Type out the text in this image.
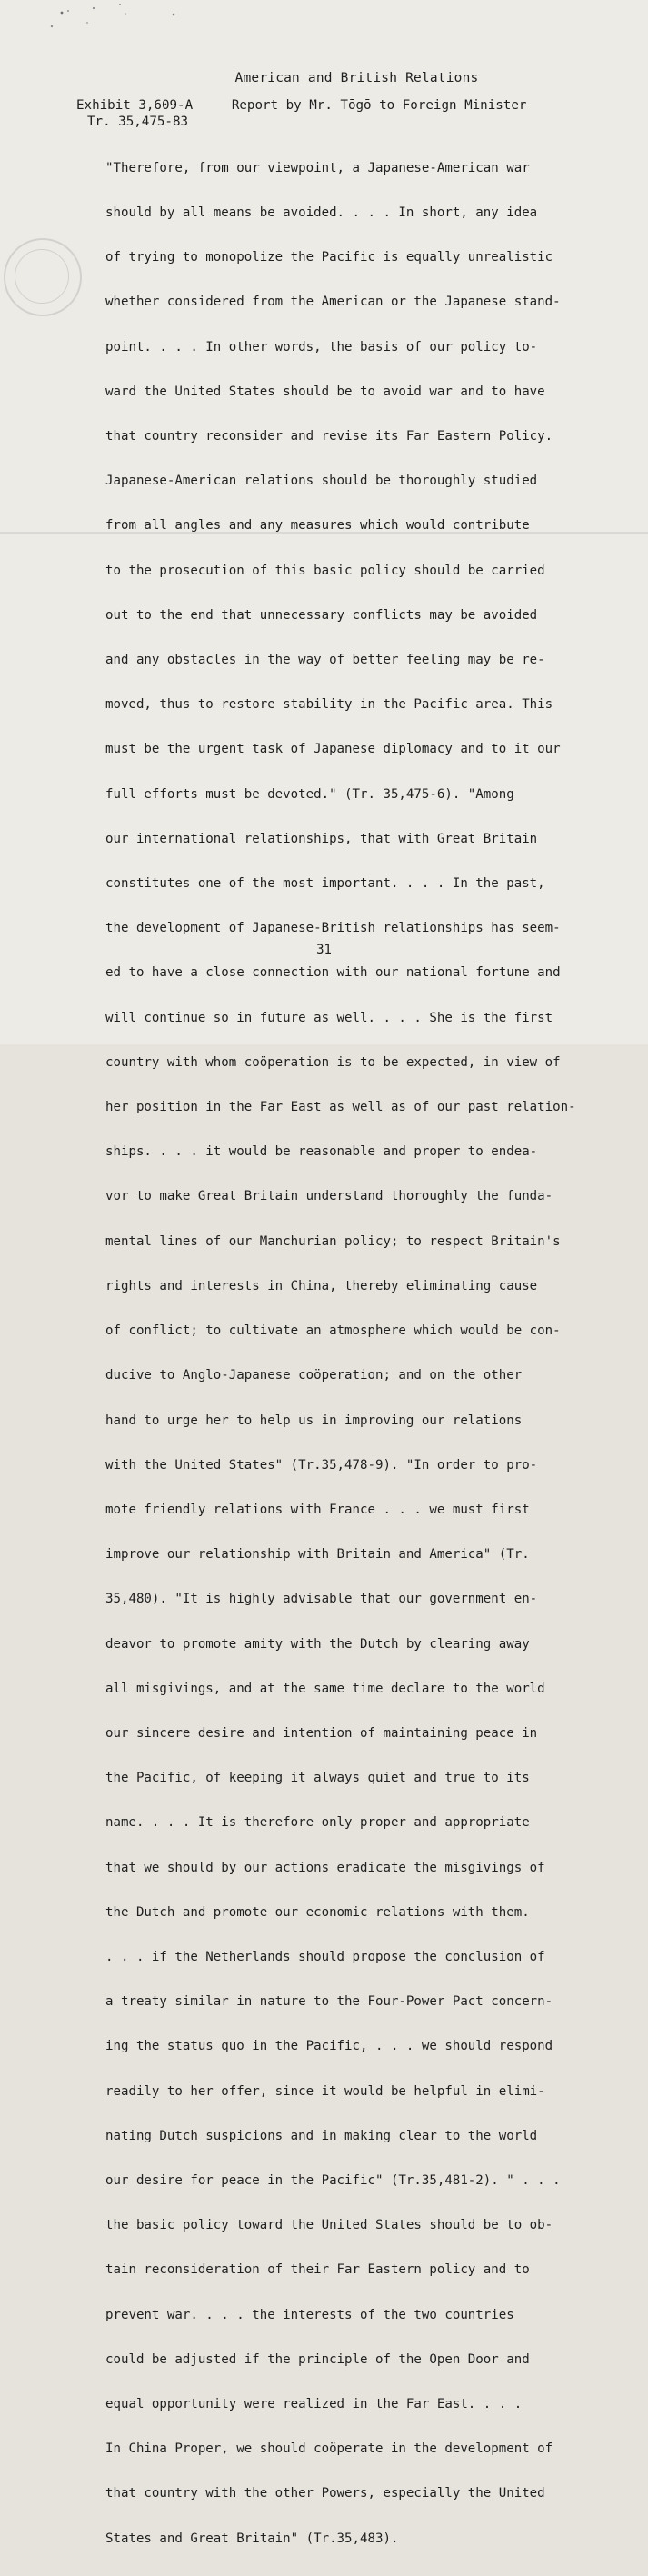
American and British Relations
Exhibit 3,609-A	Report by Mr. Tōgō to Foreign Minister
Tr. 35,475-83

"Therefore, from our viewpoint, a Japanese-American war

should by all means be avoided. . . . In short, any idea

of trying to monopolize the Pacific is equally unrealistic

whether considered from the American or the Japanese stand-

point. . . . In other words, the basis of our policy to-

ward the United States should be to avoid war and to have

that country reconsider and revise its Far Eastern Policy.

Japanese-American relations should be thoroughly studied

from all angles and any measures which would contribute

to the prosecution of this basic policy should be carried

out to the end that unnecessary conflicts may be avoided

and any obstacles in the way of better feeling may be re-

moved, thus to restore stability in the Pacific area. This

must be the urgent task of Japanese diplomacy and to it our

full efforts must be devoted." (Tr. 35,475-6). "Among

our international relationships, that with Great Britain

constitutes one of the most important. . . . In the past,

the development of Japanese-British relationships has seem-

ed to have a close connection with our national fortune and

will continue so in future as well. . . . She is the first

country with whom coöperation is to be expected, in view of

her position in the Far East as well as of our past relation-

ships. . . . it would be reasonable and proper to endea-

vor to make Great Britain understand thoroughly the funda-

mental lines of our Manchurian policy; to respect Britain's

rights and interests in China, thereby eliminating cause

of conflict; to cultivate an atmosphere which would be con-

ducive to Anglo-Japanese coöperation; and on the other

hand to urge her to help us in improving our relations

with the United States" (Tr.35,478-9). "In order to pro-

mote friendly relations with France . . . we must first

improve our relationship with Britain and America" (Tr.

35,480). "It is highly advisable that our government en-

deavor to promote amity with the Dutch by clearing away

all misgivings, and at the same time declare to the world

our sincere desire and intention of maintaining peace in

the Pacific, of keeping it always quiet and true to its

name. . . . It is therefore only proper and appropriate

that we should by our actions eradicate the misgivings of

the Dutch and promote our economic relations with them.

. . . if the Netherlands should propose the conclusion of

a treaty similar in nature to the Four-Power Pact concern-

ing the status quo in the Pacific, . . . we should respond

readily to her offer, since it would be helpful in elimi-

nating Dutch suspicions and in making clear to the world

our desire for peace in the Pacific" (Tr.35,481-2). " . . .

the basic policy toward the United States should be to ob-

tain reconsideration of their Far Eastern policy and to

prevent war. . . . the interests of the two countries

could be adjusted if the principle of the Open Door and

equal opportunity were realized in the Far East. . . .

In China Proper, we should coöperate in the development of

that country with the other Powers, especially the United

States and Great Britain" (Tr.35,483).

31
